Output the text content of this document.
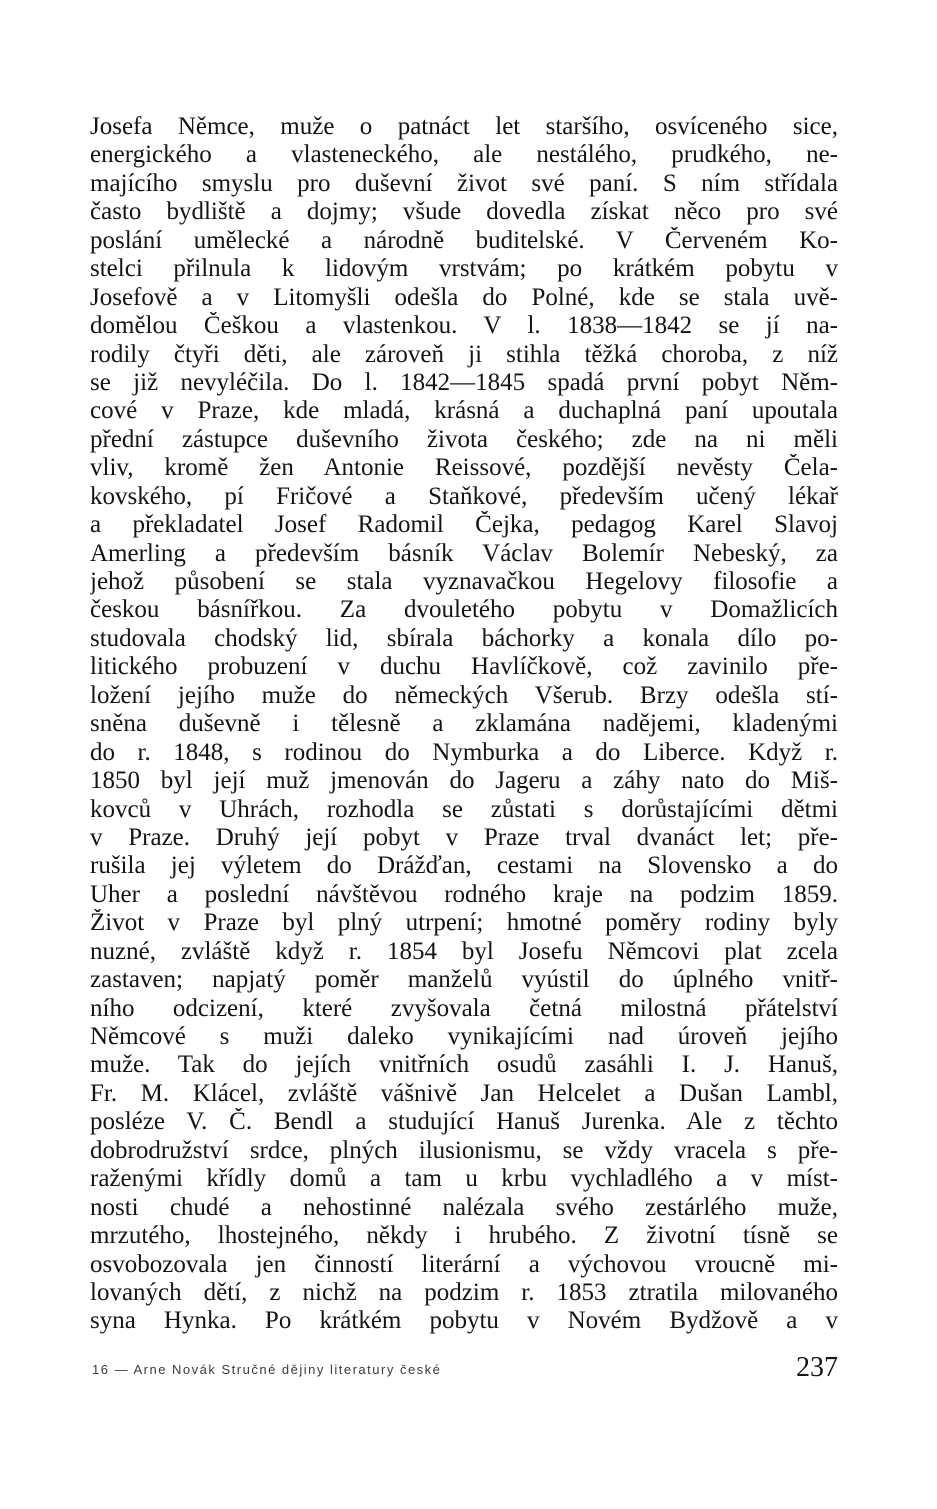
Josefa Němce, muže o patnáct let staršího, osvíceného sice,
energického a vlasteneckého, ale nestálého, prudkého, ne-
majícího smyslu pro duševní život své paní. S ním střídala
často bydliště a dojmy; všude dovedla získat něco pro své
poslání umělecké a národně buditelské. V Červeném Ko-
stelci přilnula k lidovým vrstvám; po krátkém pobytu v
Josefově a v Litomyšli odešla do Polné, kde se stala uvě-
domělou Češkou a vlastenkou. V l. 1838—1842 se jí na-
rodily čtyři děti, ale zároveň ji stihla těžká choroba, z níž
se již nevyléčila. Do l. 1842—1845 spadá první pobyt Něm-
cové v Praze, kde mladá, krásná a duchaplná paní upoutala
přední zástupce duševního života českého; zde na ni měli
vliv, kromě žen Antonie Reissové, pozdější nevěsty Čela-
kovského, pí Fričové a Staňkové, především učený lékař
a překladatel Josef Radomil Čejka, pedagog Karel Slavoj
Amerling a především básník Václav Bolemír Nebeský, za
jehož působení se stala vyznavačkou Hegelovy filosofie a
českou básnířkou. Za dvouletého pobytu v Domažlicích
studovala chodský lid, sbírala báchorky a konala dílo po-
litického probuzení v duchu Havlíčkově, což zavinilo pře-
ložení jejího muže do německých Všerub. Brzy odešla stí-
sněna duševně i tělesně a zklamána nadějemi, kladenými
do r. 1848, s rodinou do Nymburka a do Liberce. Když r.
1850 byl její muž jmenován do Jageru a záhy nato do Miš-
kovců v Uhrách, rozhodla se zůstati s dorůstajícími dětmi
v Praze. Druhý její pobyt v Praze trval dvanáct let; pře-
rušila jej výletem do Drážďan, cestami na Slovensko a do
Uher a poslední návštěvou rodného kraje na podzim 1859.
Život v Praze byl plný utrpení; hmotné poměry rodiny byly
nuzné, zvláště když r. 1854 byl Josefu Němcovi plat zcela
zastaven; napjatý poměr manželů vyústil do úplného vnitř-
ního odcizení, které zvyšovala četná milostná přátelství
Němcové s muži daleko vynikajícími nad úroveň jejího
muže. Tak do jejích vnitřních osudů zasáhli I. J. Hanuš,
Fr. M. Klácel, zvláště vášnivě Jan Helcelet a Dušan Lambl,
posléze V. Č. Bendl a studující Hanuš Jurenka. Ale z těchto
dobrodružství srdce, plných ilusionismu, se vždy vracela s pře-
raženými křídly domů a tam u krbu vychladlého a v míst-
nosti chudé a nehostinné nalézala svého zestárlého muže,
mrzutého, lhostejného, někdy i hrubého. Z životní tísně se
osvobozovala jen činností literární a výchovou vroucně mi-
lovaných dětí, z nichž na podzim r. 1853 ztratila milovaného
syna Hynka. Po krátkém pobytu v Novém Bydžově a v
16 — Arne Novák Stručné dějiny literatury české	237
